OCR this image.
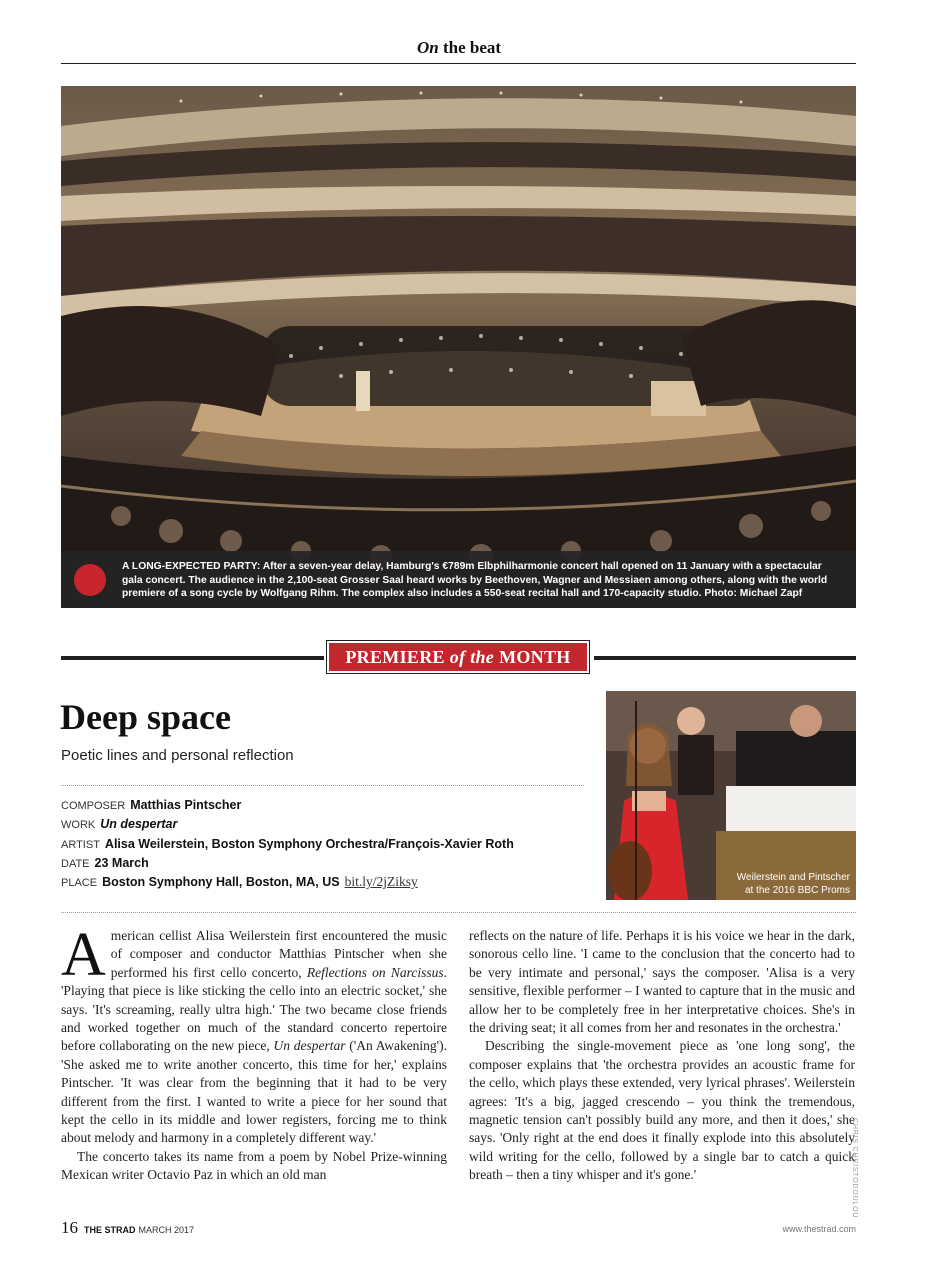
On the beat
A LONG-EXPECTED PARTY: After a seven-year delay, Hamburg's €789m Elbphilharmonie concert hall opened on 11 January with a spectacular gala concert. The audience in the 2,100-seat Grosser Saal heard works by Beethoven, Wagner and Messiaen among others, along with the world premiere of a song cycle by Wolfgang Rihm. The complex also includes a 550-seat recital hall and 170-capacity studio. Photo: Michael Zapf
PREMIERE of the MONTH
Deep space
Poetic lines and personal reflection
COMPOSER Matthias Pintscher
WORK Un despertar
ARTIST Alisa Weilerstein, Boston Symphony Orchestra/François-Xavier Roth
DATE 23 March
PLACE Boston Symphony Hall, Boston, MA, US bit.ly/2jZiksy	Weilerstein and Pintscher
at the 2016 BBC Proms

American cellist Alisa Weilerstein first encountered the music of composer and conductor Matthias Pintscher when she performed his first cello concerto, Reflections on Narcissus. 'Playing that piece is like sticking the cello into an electric socket,' she says. 'It's screaming, really ultra high.' The two became close friends and worked together on much of the standard concerto repertoire before collaborating on the new piece, Un despertar ('An Awakening'). 'She asked me to write another concerto, this time for her,' explains Pintscher. 'It was clear from the beginning that it had to be very different from the first. I wanted to write a piece for her sound that kept the cello in its middle and lower registers, forcing me to think about melody and harmony in a completely different way.'

The concerto takes its name from a poem by Nobel Prize-winning Mexican writer Octavio Paz in which an old man

reflects on the nature of life. Perhaps it is his voice we hear in the dark, sonorous cello line. 'I came to the conclusion that the concerto had to be very intimate and personal,' says the composer. 'Alisa is a very sensitive, flexible performer – I wanted to capture that in the music and allow her to be completely free in her interpretative choices. She's in the driving seat; it all comes from her and resonates in the orchestra.'

Describing the single-movement piece as 'one long song', the composer explains that 'the orchestra provides an acoustic frame for the cello, which plays these extended, very lyrical phrases'. Weilerstein agrees: 'It's a big, jagged crescendo – you think the tremendous, magnetic tension can't possibly build any more, and then it does,' she says. 'Only right at the end does it finally explode into this absolutely wild writing for the cello, followed by a single bar to catch a quick breath – then a tiny whisper and it's gone.'	CHRIS CHRISTODOULOU
16 THE STRAD MARCH 2017	www.thestrad.com
